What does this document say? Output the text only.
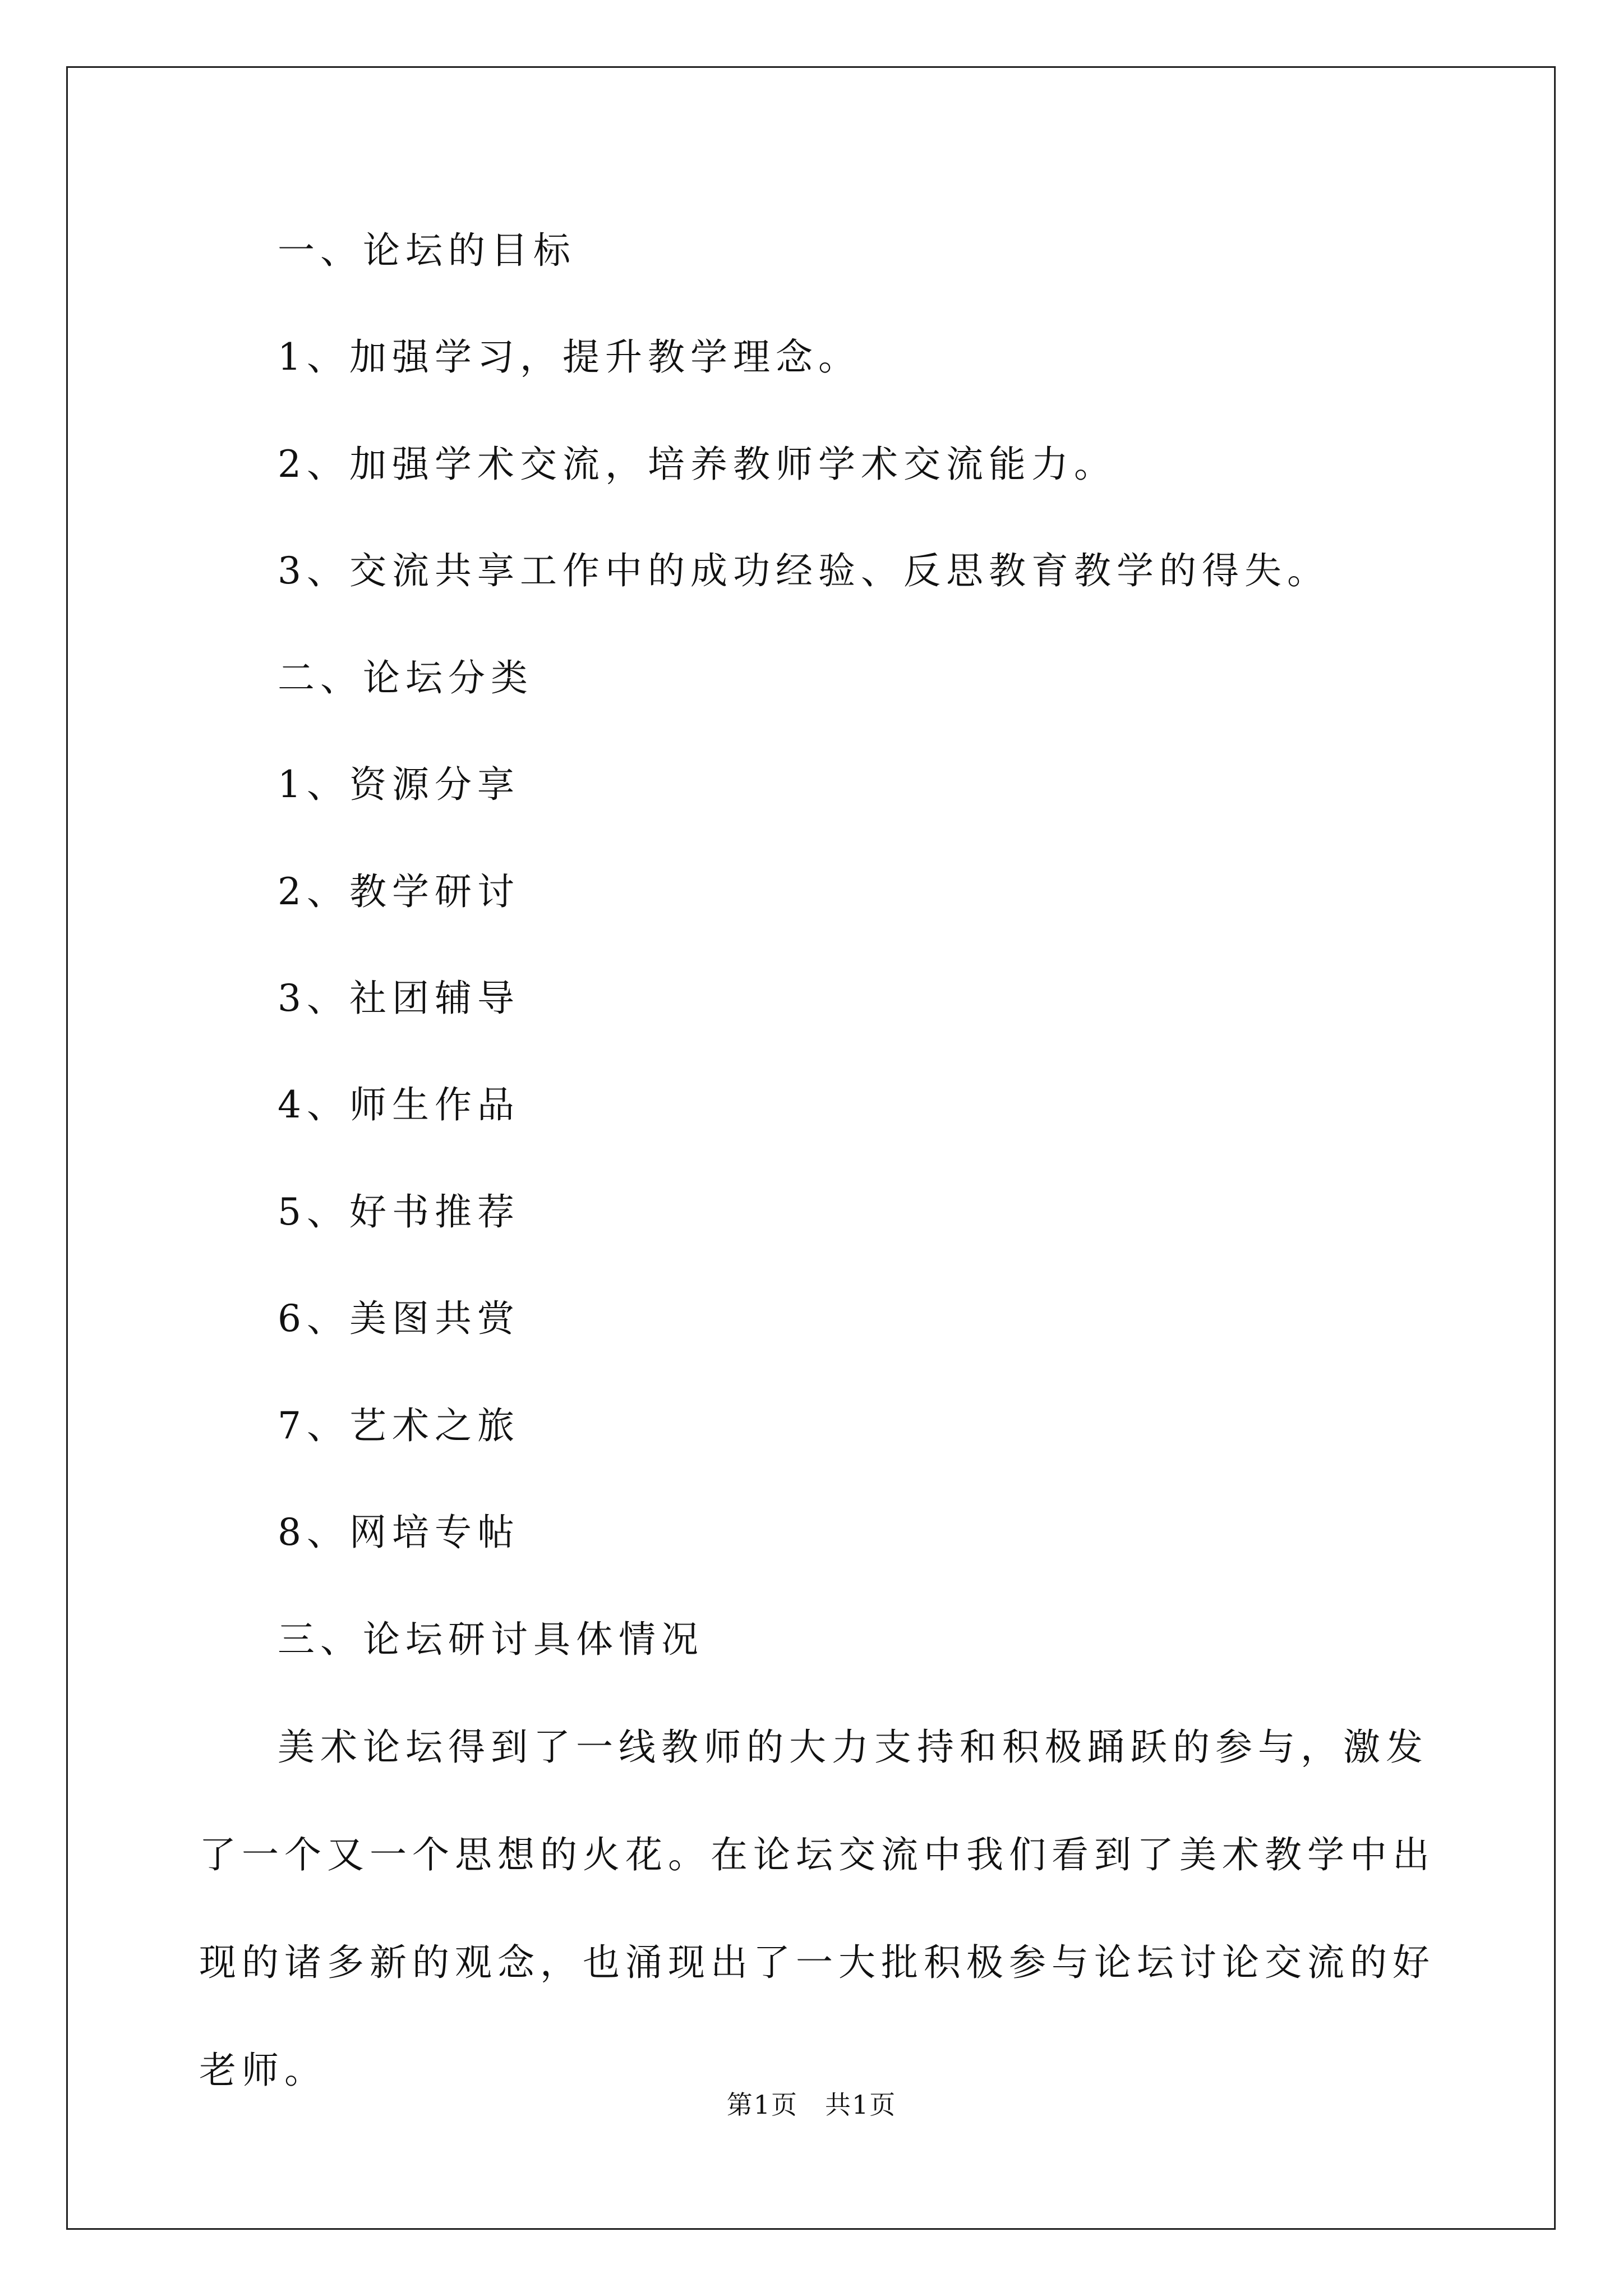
一、论坛的目标
1、加强学习，提升教学理念。
2、加强学术交流，培养教师学术交流能力。
3、交流共享工作中的成功经验、反思教育教学的得失。
二、论坛分类
1、资源分享
2、教学研讨
3、社团辅导
4、师生作品
5、好书推荐
6、美图共赏
7、艺术之旅
8、网培专帖
三、论坛研讨具体情况

美术论坛得到了一线教师的大力支持和积极踊跃的参与，激发了一个又一个思想的火花。在论坛交流中我们看到了美术教学中出现的诸多新的观念，也涌现出了一大批积极参与论坛讨论交流的好老师。

第1页　共1页
